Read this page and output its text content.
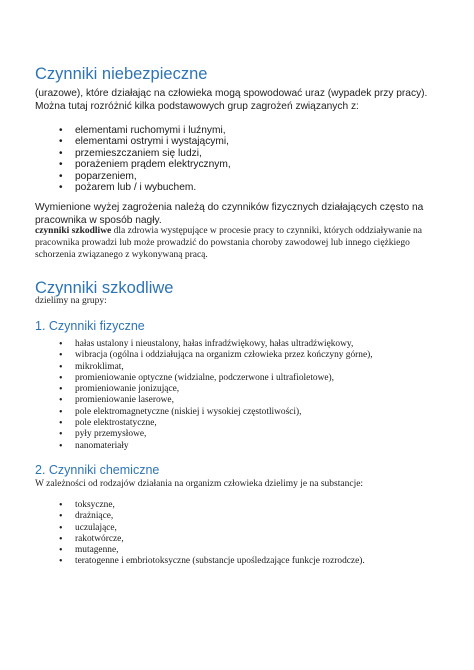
Czynniki niebezpieczne
(urazowe), które działając na człowieka mogą spowodować uraz (wypadek przy pracy). Można tutaj rozróżnić kilka podstawowych grup zagrożeń związanych z:
• elementami ruchomymi i luźnymi,
• elementami ostrymi i wystającymi,
• przemieszczaniem się ludzi,
• porażeniem prądem elektrycznym,
• poparzeniem,
• pożarem lub / i wybuchem.
Wymienione wyżej zagrożenia należą do czynników fizycznych działających często na pracownika w sposób nagły.
czynniki szkodliwe dla zdrowia występujące w procesie pracy to czynniki, których oddziaływanie na pracownika prowadzi lub może prowadzić do powstania choroby zawodowej lub innego ciężkiego schorzenia związanego z wykonywaną pracą.
Czynniki szkodliwe
dzielimy na grupy:
1. Czynniki fizyczne
• hałas ustalony i nieustalony, hałas infradźwiękowy, hałas ultradźwiękowy,
• wibracja (ogólna i oddziałująca na organizm człowieka przez kończyny górne),
• mikroklimat,
• promieniowanie optyczne (widzialne, podczerwone i ultrafioletowe),
• promieniowanie jonizujące,
• promieniowanie laserowe,
• pole elektromagnetyczne (niskiej i wysokiej częstotliwości),
• pole elektrostatyczne,
• pyły przemysłowe,
• nanomateriały
2. Czynniki chemiczne
W zależności od rodzajów działania na organizm człowieka dzielimy je na substancje:
• toksyczne,
• drażniące,
• uczulające,
• rakotwórcze,
• mutagenne,
• teratogenne i embriotoksyczne (substancje upośledzające funkcje rozrodcze).
